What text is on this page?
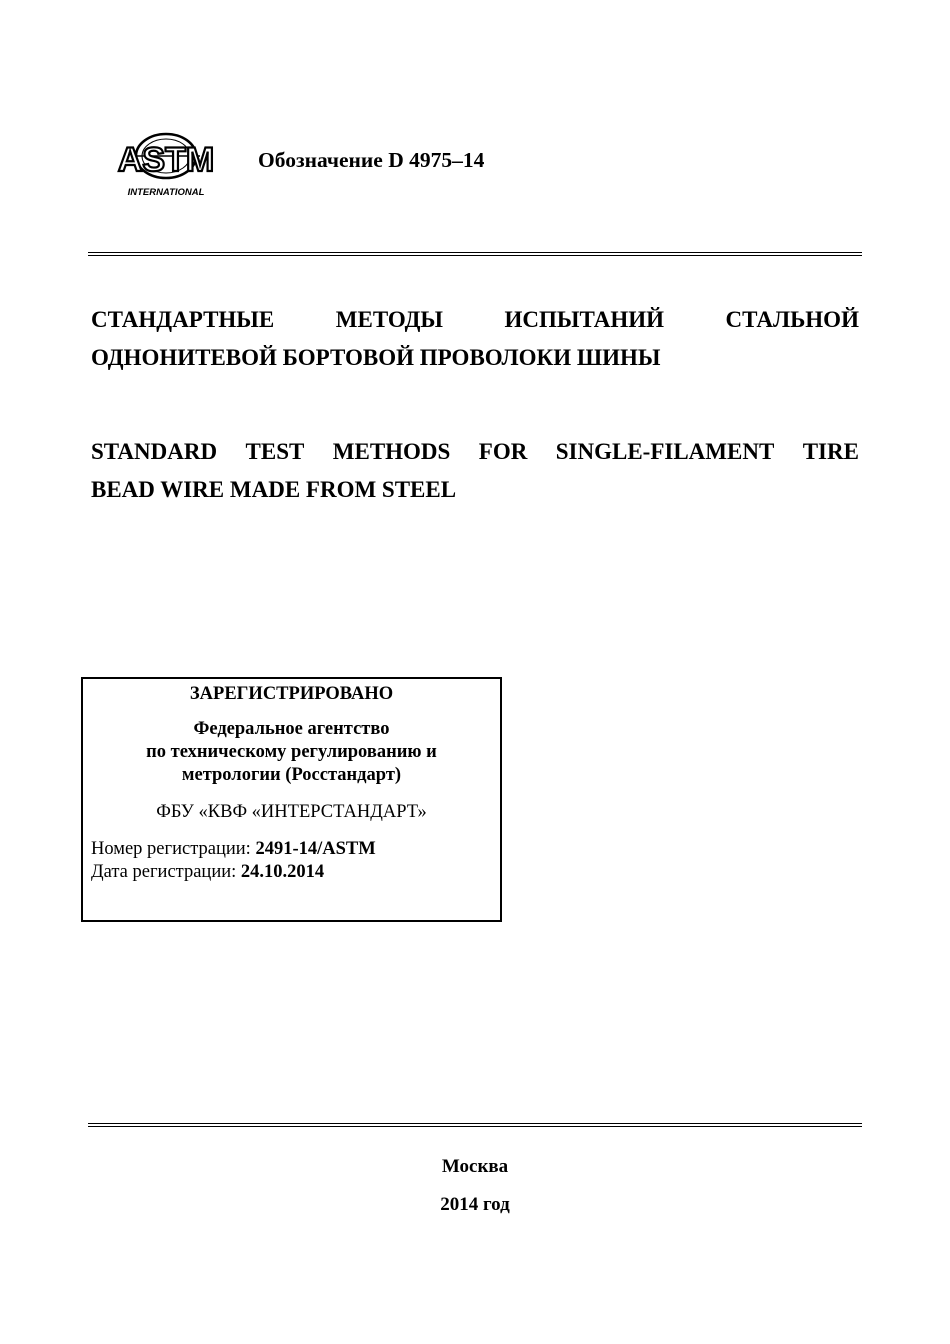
ASTM
INTERNATIONAL
Обозначение D 4975–14
СТАНДАРТНЫЕ	МЕТОДЫ	ИСПЫТАНИЙ	СТАЛЬНОЙ
ОДНОНИТЕВОЙ БОРТОВОЙ ПРОВОЛОКИ ШИНЫ
STANDARD TEST METHODS FOR SINGLE-FILAMENT TIRE
BEAD WIRE MADE FROM STEEL
ЗАРЕГИСТРИРОВАНО
Федеральное агентство
по техническому регулированию и
метрологии (Росстандарт)
ФБУ «КВФ «ИНТЕРСТАНДАРТ»
Номер регистрации: 2491-14/ASTM
Дата регистрации: 24.10.2014
Москва
2014 год
